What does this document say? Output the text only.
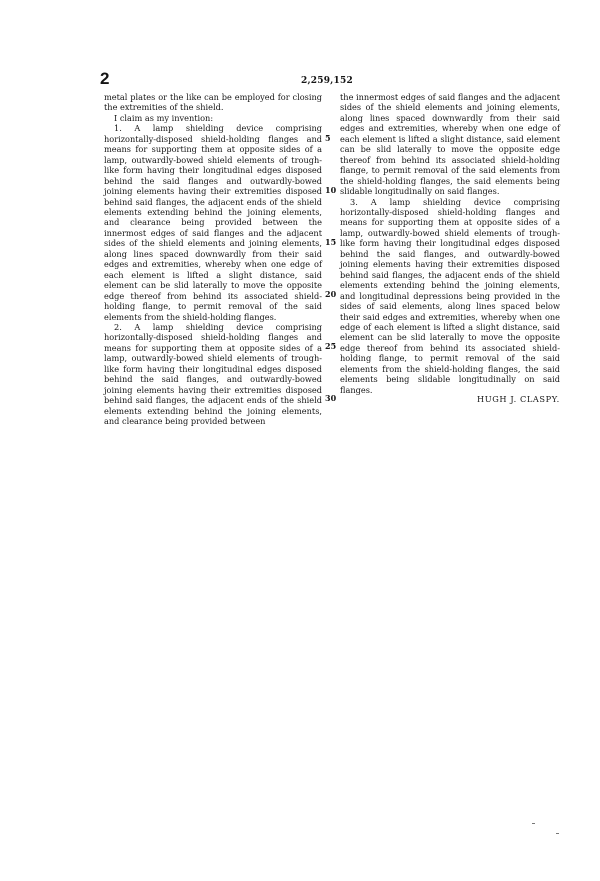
2	2,259,152

metal plates or the like can be employed for closing the extremities of the shield.

I claim as my invention:

1. A lamp shielding device comprising horizontally-disposed shield-holding flanges and means for supporting them at opposite sides of a lamp, outwardly-bowed shield elements of trough-like form having their longitudinal edges disposed behind the said flanges and outwardly-bowed joining elements having their extremities disposed behind said flanges, the adjacent ends of the shield elements extending behind the joining elements, and clearance being provided between the innermost edges of said flanges and the adjacent sides of the shield elements and joining elements, along lines spaced downwardly from their said edges and extremities, whereby when one edge of each element is lifted a slight distance, said element can be slid laterally to move the opposite edge thereof from behind its associated shield-holding flange, to permit removal of the said elements from the shield-holding flanges.

2. A lamp shielding device comprising horizontally-disposed shield-holding flanges and means for supporting them at opposite sides of a lamp, outwardly-bowed shield elements of trough-like form having their longitudinal edges disposed behind the said flanges, and outwardly-bowed joining elements having their extremities disposed behind said flanges, the adjacent ends of the shield elements extending behind the joining elements, and clearance being provided between

5
10
15
20
25
30

the innermost edges of said flanges and the adjacent sides of the shield elements and joining elements, along lines spaced downwardly from their said edges and extremities, whereby when one edge of each element is lifted a slight distance, said element can be slid laterally to move the opposite edge thereof from behind its associated shield-holding flange, to permit removal of the said elements from the shield-holding flanges, the said elements being slidable longitudinally on said flanges.

3. A lamp shielding device comprising horizontally-disposed shield-holding flanges and means for supporting them at opposite sides of a lamp, outwardly-bowed shield elements of trough-like form having their longitudinal edges disposed behind the said flanges, and outwardly-bowed joining elements having their extremities disposed behind said flanges, the adjacent ends of the shield elements extending behind the joining elements, and longitudinal depressions being provided in the sides of said elements, along lines spaced below their said edges and extremities, whereby when one edge of each element is lifted a slight distance, said element can be slid laterally to move the opposite edge thereof from behind its associated shield-holding flange, to permit removal of the said elements from the shield-holding flanges, the said elements being slidable longitudinally on said flanges.

HUGH J. CLASPY.
